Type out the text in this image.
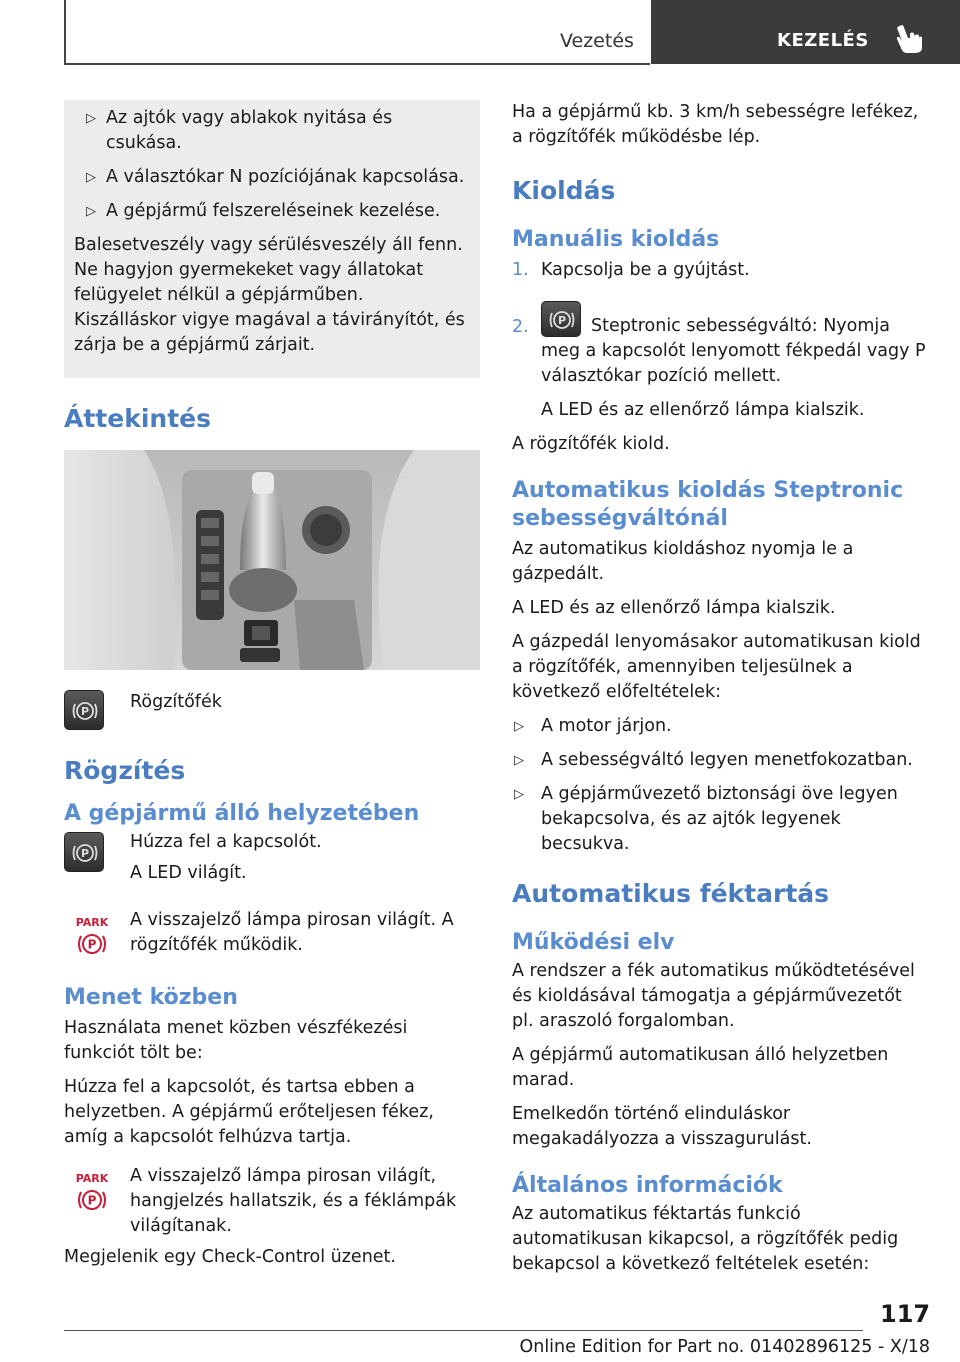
Vezetés	KEZELÉS
▷ Az ajtók vagy ablakok nyitása és csukása.
▷ A választókar N pozíciójának kapcsolása.
▷ A gépjármű felszereléseinek kezelése.
Balesetveszély vagy sérülésveszély áll fenn. Ne hagyjon gyermekeket vagy állatokat felügyelet nélkül a gépjárműben. Kiszálláskor vigye magával a távirányítót, és zárja be a gépjármű zárjait.
Áttekintés
P Rögzítőfék
Rögzítés
A gépjármű álló helyzetében
P
Húzza fel a kapcsolót.
A LED világít.
PARK
P
A visszajelző lámpa pirosan világít. A rögzítőfék működik.
Menet közben
Használata menet közben vészfékezési funkciót tölt be:
Húzza fel a kapcsolót, és tartsa ebben a helyzetben. A gépjármű erőteljesen fékez, amíg a kapcsolót felhúzva tartja.
PARK
P
A visszajelző lámpa pirosan világít, hangjelzés hallatszik, és a féklámpák világítanak.
Megjelenik egy Check-Control üzenet.
Ha a gépjármű kb. 3 km/h sebességre lefékez, a rögzítőfék működésbe lép.
Kioldás
Manuális kioldás
1. Kapcsolja be a gyújtást.
2.	P Steptronic sebességváltó: Nyomja meg a kapcsolót lenyomott fékpedál vagy P választókar pozíció mellett.
A LED és az ellenőrző lámpa kialszik.
A rögzítőfék kiold.
Automatikus kioldás Steptronic sebességváltónál
Az automatikus kioldáshoz nyomja le a gázpedált.
A LED és az ellenőrző lámpa kialszik.
A gázpedál lenyomásakor automatikusan kiold a rögzítőfék, amennyiben teljesülnek a következő előfeltételek:
▷ A motor járjon.
▷ A sebességváltó legyen menetfokozatban.
▷ A gépjárművezető biztonsági öve legyen bekapcsolva, és az ajtók legyenek becsukva.
Automatikus féktartás
Működési elv
A rendszer a fék automatikus működtetésével és kioldásával támogatja a gépjárművezetőt pl. araszoló forgalomban.
A gépjármű automatikusan álló helyzetben marad.
Emelkedőn történő elinduláskor megakadályozza a visszagurulást.
Általános információk
Az automatikus féktartás funkció automatikusan kikapcsol, a rögzítőfék pedig bekapcsol a következő feltételek esetén:
117
Online Edition for Part no. 01402896125 - X/18
